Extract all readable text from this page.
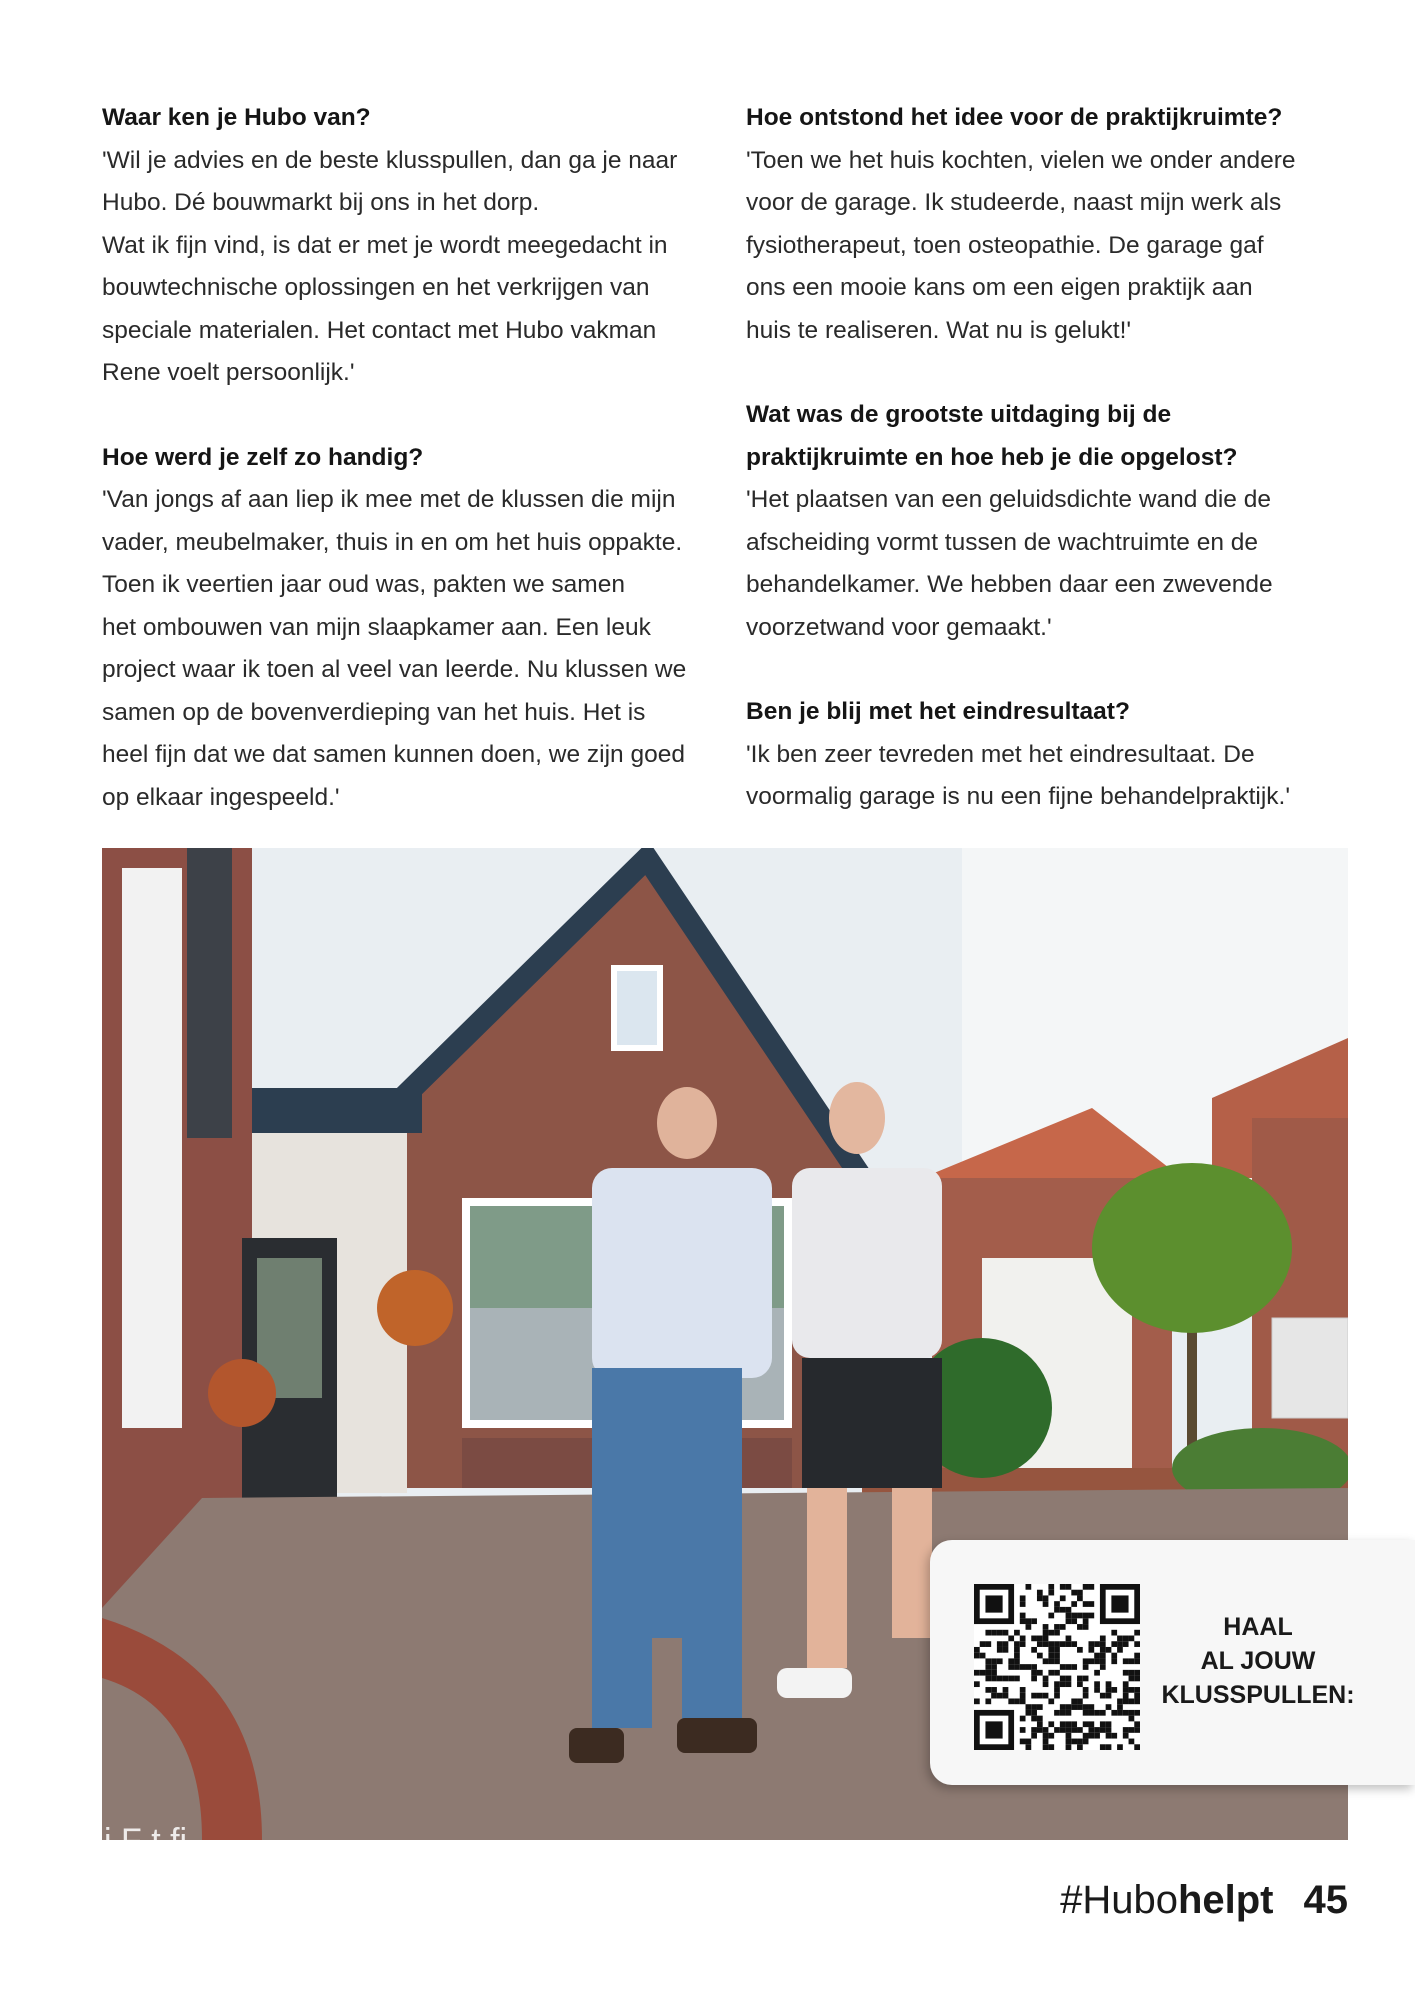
Waar ken je Hubo van?

'Wil je advies en de beste klusspullen, dan ga je naar
Hubo. Dé bouwmarkt bij ons in het dorp.
Wat ik fijn vind, is dat er met je wordt meegedacht in
bouwtechnische oplossingen en het verkrijgen van
speciale materialen. Het contact met Hubo vakman
Rene voelt persoonlijk.'

Hoe werd je zelf zo handig?

'Van jongs af aan liep ik mee met de klussen die mijn
vader, meubelmaker, thuis in en om het huis oppakte.
Toen ik veertien jaar oud was, pakten we samen
het ombouwen van mijn slaapkamer aan. Een leuk
project waar ik toen al veel van leerde. Nu klussen we
samen op de bovenverdieping van het huis. Het is
heel fijn dat we dat samen kunnen doen, we zijn goed
op elkaar ingespeeld.'

Hoe ontstond het idee voor de praktijkruimte?

'Toen we het huis kochten, vielen we onder andere
voor de garage. Ik studeerde, naast mijn werk als
fysiotherapeut, toen osteopathie. De garage gaf
ons een mooie kans om een eigen praktijk aan
huis te realiseren. Wat nu is gelukt!'

Wat was de grootste uitdaging bij de
praktijkruimte en hoe heb je die opgelost?

'Het plaatsen van een geluidsdichte wand die de
afscheiding vormt tussen de wachtruimte en de
behandelkamer. We hebben daar een zwevende
voorzetwand voor gemaakt.'

Ben je blij met het eindresultaat?

'Ik ben zeer tevreden met het eindresultaat. De
voormalig garage is nu een fijne behandelpraktijk.'

i F t fi
HAAL
AL JOUW
KLUSSPULLEN:
#Hubohelpt 45
